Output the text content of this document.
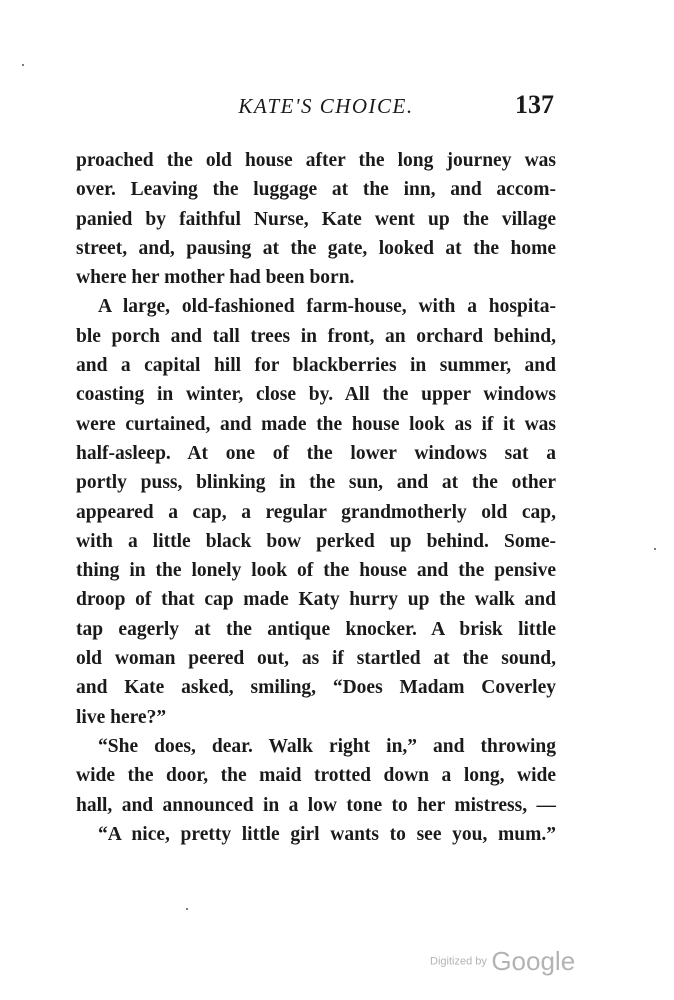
KATE'S CHOICE.	137
proached the old house after the long journey was
over. Leaving the luggage at the inn, and accom-
panied by faithful Nurse, Kate went up the village
street, and, pausing at the gate, looked at the home
where her mother had been born.
A large, old-fashioned farm-house, with a hospita-
ble porch and tall trees in front, an orchard behind,
and a capital hill for blackberries in summer, and
coasting in winter, close by. All the upper windows
were curtained, and made the house look as if it was
half-asleep. At one of the lower windows sat a
portly puss, blinking in the sun, and at the other
appeared a cap, a regular grandmotherly old cap,
with a little black bow perked up behind. Some-
thing in the lonely look of the house and the pensive
droop of that cap made Katy hurry up the walk and
tap eagerly at the antique knocker. A brisk little
old woman peered out, as if startled at the sound,
and Kate asked, smiling, “Does Madam Coverley
live here?”
“She does, dear. Walk right in,” and throwing
wide the door, the maid trotted down a long, wide
hall, and announced in a low tone to her mistress, —
“A nice, pretty little girl wants to see you, mum.”
Digitized by Google
